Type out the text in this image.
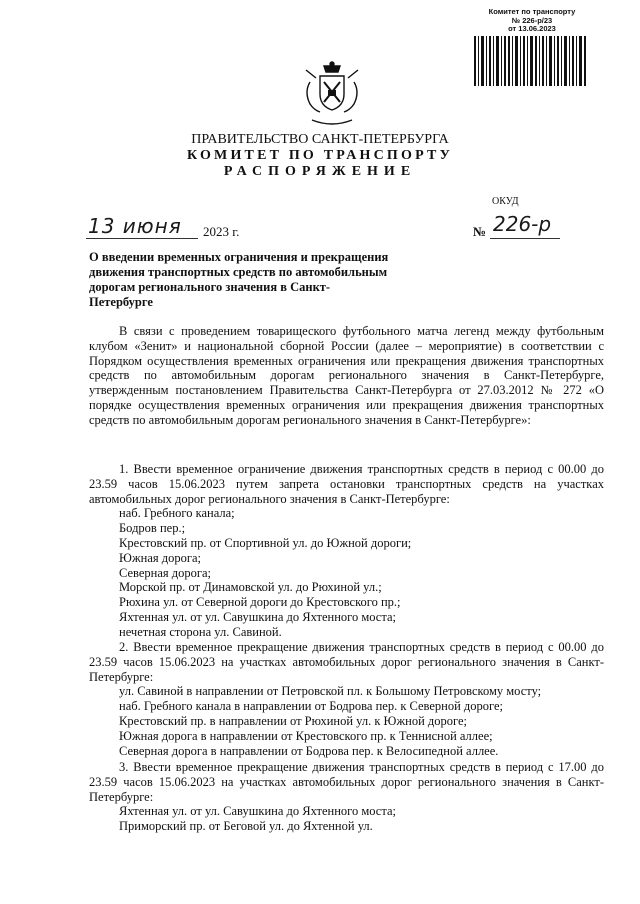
Комитет по транспорту
№ 226-р/23
от 13.06.2023
ПРАВИТЕЛЬСТВО САНКТ-ПЕТЕРБУРГА
КОМИТЕТ ПО ТРАНСПОРТУ
РАСПОРЯЖЕНИЕ
ОКУД
13 июня	2023 г.	№ 226-р
О введении временных ограничения и прекращения движения транспортных средств по автомобильным дорогам регионального значения в Санкт-Петербурге
В связи с проведением товарищеского футбольного матча легенд между футбольным клубом «Зенит» и национальной сборной России (далее – мероприятие) в соответствии с Порядком осуществления временных ограничения или прекращения движения транспортных средств по автомобильным дорогам регионального значения в Санкт-Петербурге, утвержденным постановлением Правительства Санкт-Петербурга от 27.03.2012 № 272 «О порядке осуществления временных ограничения или прекращения движения транспортных средств по автомобильным дорогам регионального значения в Санкт-Петербурге»:

1. Ввести временное ограничение движения транспортных средств в период с 00.00 до 23.59 часов 15.06.2023 путем запрета остановки транспортных средств на участках автомобильных дорог регионального значения в Санкт-Петербурге:

наб. Гребного канала;

Бодров пер.;

Крестовский пр. от Спортивной ул. до Южной дороги;

Южная дорога;

Северная дорога;

Морской пр. от Динамовской ул. до Рюхиной ул.;

Рюхина ул. от Северной дороги до Крестовского пр.;

Яхтенная ул. от ул. Савушкина до Яхтенного моста;

нечетная сторона ул. Савиной.

2. Ввести временное прекращение движения транспортных средств в период с 00.00 до 23.59 часов 15.06.2023 на участках автомобильных дорог регионального значения в Санкт-Петербурге:

ул. Савиной в направлении от Петровской пл. к Большому Петровскому мосту;

наб. Гребного канала в направлении от Бодрова пер. к Северной дороге;

Крестовский пр. в направлении от Рюхиной ул. к Южной дороге;

Южная дорога в направлении от Крестовского пр. к Теннисной аллее;

Северная дорога в направлении от Бодрова пер. к Велосипедной аллее.

3. Ввести временное прекращение движения транспортных средств в период с 17.00 до 23.59 часов 15.06.2023 на участках автомобильных дорог регионального значения в Санкт-Петербурге:

Яхтенная ул. от ул. Савушкина до Яхтенного моста;

Приморский пр. от Беговой ул. до Яхтенной ул.
